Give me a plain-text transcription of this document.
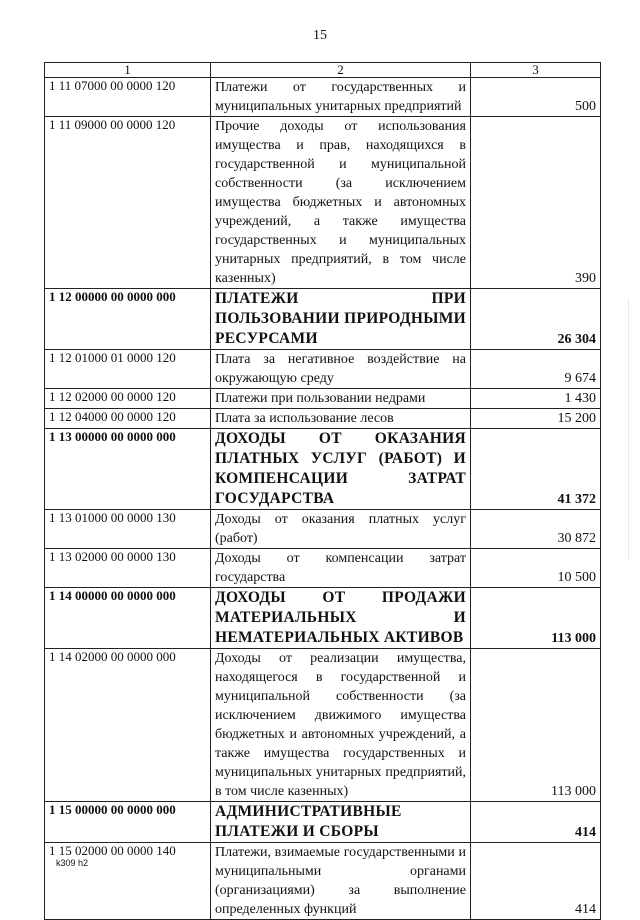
15
1	2	3
1 11 07000 00 0000 120	Платежи от государственных и муниципальных унитарных предприятий	500
1 11 09000 00 0000 120	Прочие доходы от использования имущества и прав, находящихся в государственной и муниципальной собственности (за исключением имущества бюджетных и автономных учреждений, а также имущества государственных и муниципальных унитарных предприятий, в том числе казенных)	390
1 12 00000 00 0000 000	ПЛАТЕЖИ ПРИ ПОЛЬЗОВАНИИ ПРИРОДНЫМИ РЕСУРСАМИ	26 304
1 12 01000 01 0000 120	Плата за негативное воздействие на окружающую среду	9 674
1 12 02000 00 0000 120	Платежи при пользовании недрами	1 430
1 12 04000 00 0000 120	Плата за использование лесов	15 200
1 13 00000 00 0000 000	ДОХОДЫ ОТ ОКАЗАНИЯ ПЛАТНЫХ УСЛУГ (РАБОТ) И КОМПЕНСАЦИИ ЗАТРАТ ГОСУДАРСТВА	41 372
1 13 01000 00 0000 130	Доходы от оказания платных услуг (работ)	30 872
1 13 02000 00 0000 130	Доходы от компенсации затрат государства	10 500
1 14 00000 00 0000 000	ДОХОДЫ ОТ ПРОДАЖИ МАТЕРИАЛЬНЫХ И НЕМАТЕРИАЛЬНЫХ АКТИВОВ	113 000
1 14 02000 00 0000 000	Доходы от реализации имущества, находящегося в государственной и муниципальной собственности (за исключением движимого имущества бюджетных и автономных учреждений, а также имущества государственных и муниципальных унитарных предприятий, в том числе казенных)	113 000
1 15 00000 00 0000 000	АДМИНИСТРАТИВНЫЕ ПЛАТЕЖИ И СБОРЫ	414
1 15 02000 00 0000 140	Платежи, взимаемые государственными и муниципальными органами (организациями) за выполнение определенных функций	414
k309 h2
